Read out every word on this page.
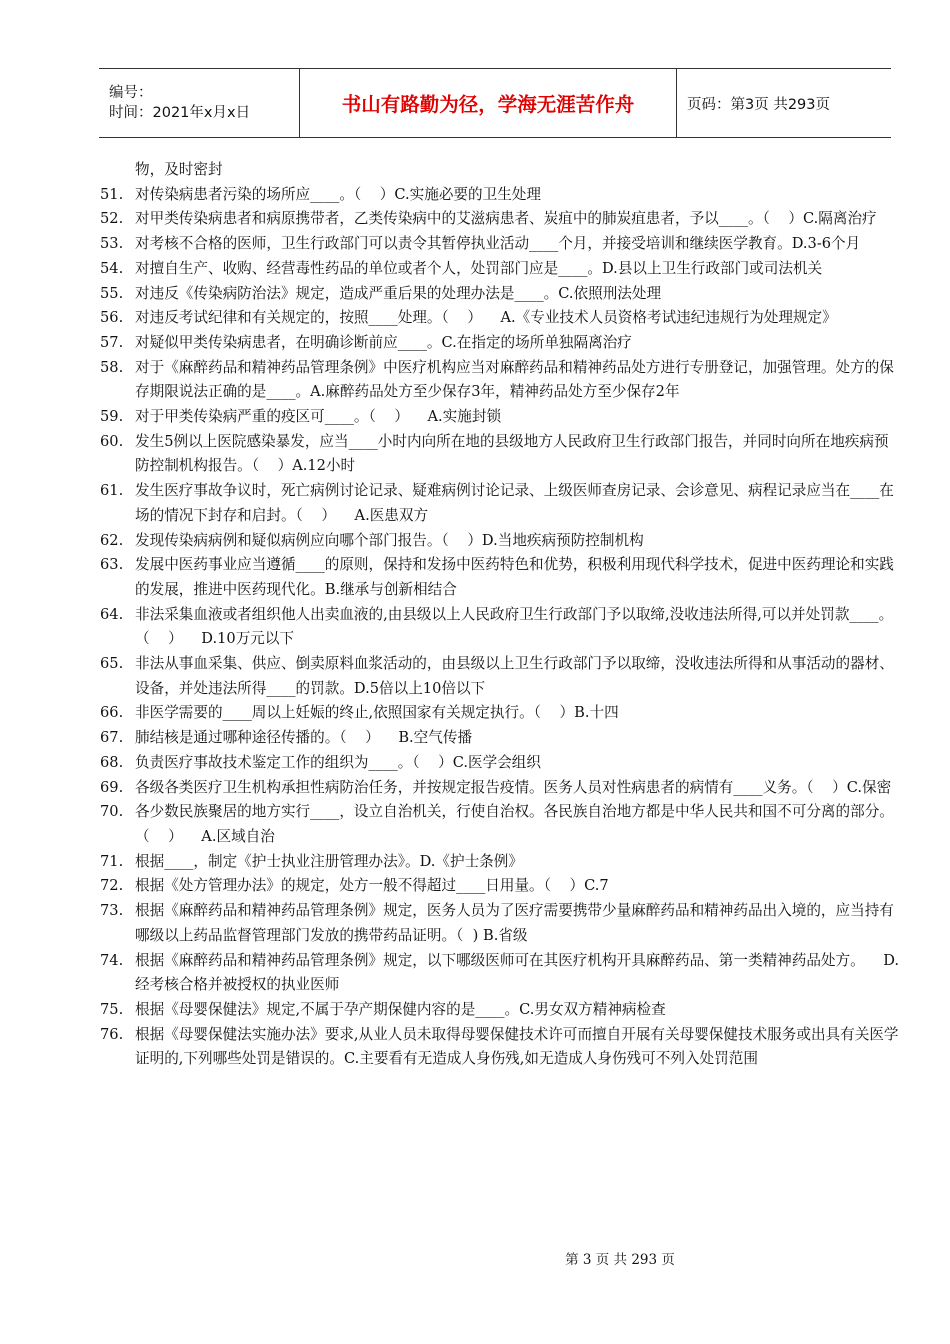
编号：
时间：2021年x月x日	书山有路勤为径，学海无涯苦作舟	页码：第3页 共293页
物，及时密封
51. 对传染病患者污染的场所应____。（    ）C.实施必要的卫生处理
52. 对甲类传染病患者和病原携带者，乙类传染病中的艾滋病患者、炭疽中的肺炭疽患者，予以____。（    ）C.隔离治疗
53. 对考核不合格的医师，卫生行政部门可以责令其暂停执业活动____个月，并接受培训和继续医学教育。D.3-6个月
54. 对擅自生产、收购、经营毒性药品的单位或者个人，处罚部门应是____。D.县以上卫生行政部门或司法机关
55. 对违反《传染病防治法》规定，造成严重后果的处理办法是____。C.依照刑法处理
56. 对违反考试纪律和有关规定的，按照____处理。（    ）    A.《专业技术人员资格考试违纪违规行为处理规定》
57. 对疑似甲类传染病患者，在明确诊断前应____。C.在指定的场所单独隔离治疗
58. 对于《麻醉药品和精神药品管理条例》中医疗机构应当对麻醉药品和精神药品处方进行专册登记，加强管理。处方的保存期限说法正确的是____。A.麻醉药品处方至少保存3年，精神药品处方至少保存2年
59. 对于甲类传染病严重的疫区可____。（    ）    A.实施封锁
60. 发生5例以上医院感染暴发，应当____小时内向所在地的县级地方人民政府卫生行政部门报告，并同时向所在地疾病预防控制机构报告。（    ）A.12小时
61. 发生医疗事故争议时，死亡病例讨论记录、疑难病例讨论记录、上级医师查房记录、会诊意见、病程记录应当在____在场的情况下封存和启封。（    ）    A.医患双方
62. 发现传染病病例和疑似病例应向哪个部门报告。（    ）D.当地疾病预防控制机构
63. 发展中医药事业应当遵循____的原则，保持和发扬中医药特色和优势，积极利用现代科学技术，促进中医药理论和实践的发展，推进中医药现代化。B.继承与创新相结合
64. 非法采集血液或者组织他人出卖血液的,由县级以上人民政府卫生行政部门予以取缔,没收违法所得,可以并处罚款____。（    ）    D.10万元以下
65. 非法从事血采集、供应、倒卖原料血浆活动的，由县级以上卫生行政部门予以取缔，没收违法所得和从事活动的器材、设备，并处违法所得____的罚款。D.5倍以上10倍以下
66. 非医学需要的____周以上妊娠的终止,依照国家有关规定执行。（    ）B.十四
67. 肺结核是通过哪种途径传播的。（    ）    B.空气传播
68. 负责医疗事故技术鉴定工作的组织为____。（    ）C.医学会组织
69. 各级各类医疗卫生机构承担性病防治任务，并按规定报告疫情。医务人员对性病患者的病情有____义务。（    ）C.保密
70. 各少数民族聚居的地方实行____，设立自治机关，行使自治权。各民族自治地方都是中华人民共和国不可分离的部分。（    ）    A.区域自治
71. 根据____，制定《护士执业注册管理办法》。D.《护士条例》
72. 根据《处方管理办法》的规定，处方一般不得超过____日用量。（    ）C.7
73. 根据《麻醉药品和精神药品管理条例》规定，医务人员为了医疗需要携带少量麻醉药品和精神药品出入境的，应当持有哪级以上药品监督管理部门发放的携带药品证明。（  ) B.省级
74. 根据《麻醉药品和精神药品管理条例》规定，以下哪级医师可在其医疗机构开具麻醉药品、第一类精神药品处方。    D.经考核合格并被授权的执业医师
75. 根据《母婴保健法》规定,不属于孕产期保健内容的是____。C.男女双方精神病检查
76. 根据《母婴保健法实施办法》要求,从业人员未取得母婴保健技术许可而擅自开展有关母婴保健技术服务或出具有关医学证明的,下列哪些处罚是错误的。C.主要看有无造成人身伤残,如无造成人身伤残可不列入处罚范围
第 3 页 共 293 页
